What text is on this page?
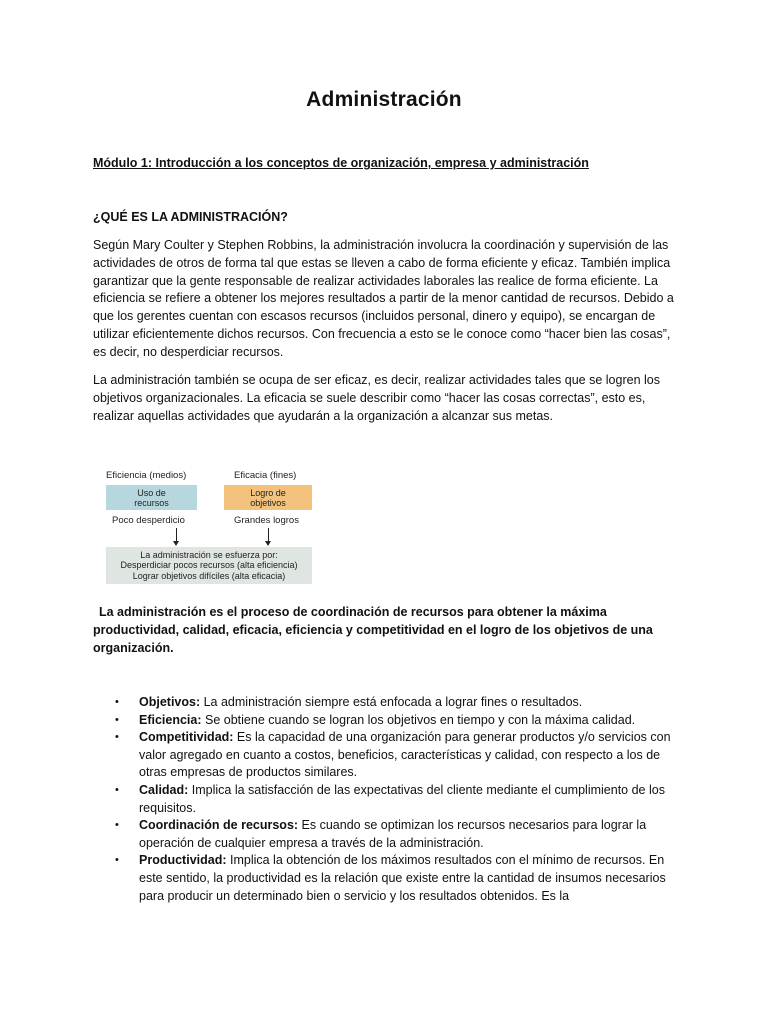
Administración
Módulo 1: Introducción a los conceptos de organización, empresa y administración
¿QUÉ ES LA ADMINISTRACIÓN?

Según Mary Coulter y Stephen Robbins, la administración involucra la coordinación y supervisión de las actividades de otros de forma tal que estas se lleven a cabo de forma eficiente y eficaz. También implica garantizar que la gente responsable de realizar actividades laborales las realice de forma eficiente. La eficiencia se refiere a obtener los mejores resultados a partir de la menor cantidad de recursos. Debido a que los gerentes cuentan con escasos recursos (incluidos personal, dinero y equipo), se encargan de utilizar eficientemente dichos recursos. Con frecuencia a esto se le conoce como “hacer bien las cosas”, es decir, no desperdiciar recursos.

La administración también se ocupa de ser eficaz, es decir, realizar actividades tales que se logren los objetivos organizacionales. La eficacia se suele describir como “hacer las cosas correctas”, esto es, realizar aquellas actividades que ayudarán a la organización a alcanzar sus metas.

Eficiencia (medios)	Eficacia (fines)
Uso de recursos
Logro de objetivos
Poco desperdicio	Grandes logros
La administración se esfuerza por:
Desperdiciar pocos recursos (alta eficiencia)
Lograr objetivos difíciles (alta eficacia)

La administración es el proceso de coordinación de recursos para obtener la máxima productividad, calidad, eficacia, eficiencia y competitividad en el logro de los objetivos de una organización.

• Objetivos: La administración siempre está enfocada a lograr fines o resultados.
• Eficiencia: Se obtiene cuando se logran los objetivos en tiempo y con la máxima calidad.
• Competitividad: Es la capacidad de una organización para generar productos y/o servicios con valor agregado en cuanto a costos, beneficios, características y calidad, con respecto a los de otras empresas de productos similares.
• Calidad: Implica la satisfacción de las expectativas del cliente mediante el cumplimiento de los requisitos.
• Coordinación de recursos: Es cuando se optimizan los recursos necesarios para lograr la operación de cualquier empresa a través de la administración.
• Productividad: Implica la obtención de los máximos resultados con el mínimo de recursos. En este sentido, la productividad es la relación que existe entre la cantidad de insumos necesarios para producir un determinado bien o servicio y los resultados obtenidos. Es la
